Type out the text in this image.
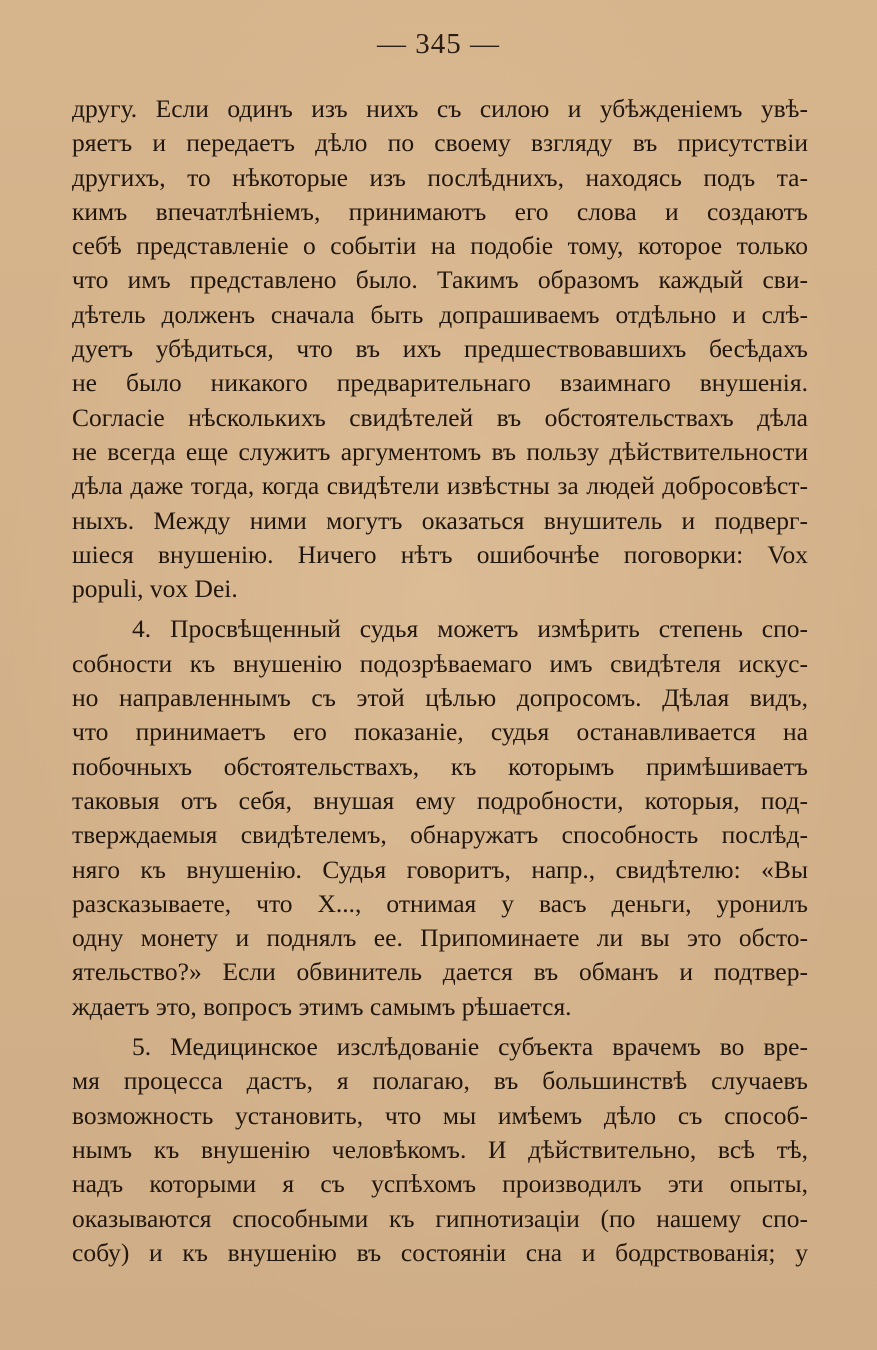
— 345 —
другу. Если одинъ изъ нихъ съ силою и убѣжденіемъ увѣ-
ряетъ и передаетъ дѣло по своему взгляду въ присутствіи
другихъ, то нѣкоторые изъ послѣднихъ, находясь подъ та-
кимъ впечатлѣніемъ, принимаютъ его слова и создаютъ
себѣ представленіе о событіи на подобіе тому, которое только
что имъ представлено было. Такимъ образомъ каждый сви-
дѣтель долженъ сначала быть допрашиваемъ отдѣльно и слѣ-
дуетъ убѣдиться, что въ ихъ предшествовавшихъ бесѣдахъ
не было никакого предварительнаго взаимнаго внушенія.
Согласіе нѣсколькихъ свидѣтелей въ обстоятельствахъ дѣла
не всегда еще служитъ аргументомъ въ пользу дѣйствительности
дѣла даже тогда, когда свидѣтели извѣстны за людей добросовѣст-
ныхъ. Между ними могутъ оказаться внушитель и подверг-
шіеся внушенію. Ничего нѣтъ ошибочнѣе поговорки: Vox
populi, vox Dei.
4. Просвѣщенный судья можетъ измѣрить степень спо-
собности къ внушенію подозрѣваемаго имъ свидѣтеля искус-
но направленнымъ съ этой цѣлью допросомъ. Дѣлая видъ,
что принимаетъ его показаніе, судья останавливается на
побочныхъ обстоятельствахъ, къ которымъ примѣшиваетъ
таковыя отъ себя, внушая ему подробности, которыя, под-
тверждаемыя свидѣтелемъ, обнаружатъ способность послѣд-
няго къ внушенію. Судья говоритъ, напр., свидѣтелю: «Вы
разсказываете, что X..., отнимая у васъ деньги, уронилъ
одну монету и поднялъ ее. Припоминаете ли вы это обсто-
ятельство?» Если обвинитель дается въ обманъ и подтвер-
ждаетъ это, вопросъ этимъ самымъ рѣшается.
5. Медицинское изслѣдованіе субъекта врачемъ во вре-
мя процесса дастъ, я полагаю, въ большинствѣ случаевъ
возможность установить, что мы имѣемъ дѣло съ способ-
нымъ къ внушенію человѣкомъ. И дѣйствительно, всѣ тѣ,
надъ которыми я съ успѣхомъ производилъ эти опыты,
оказываются способными къ гипнотизаціи (по нашему спо-
собу) и къ внушенію въ состояніи сна и бодрствованія; у
